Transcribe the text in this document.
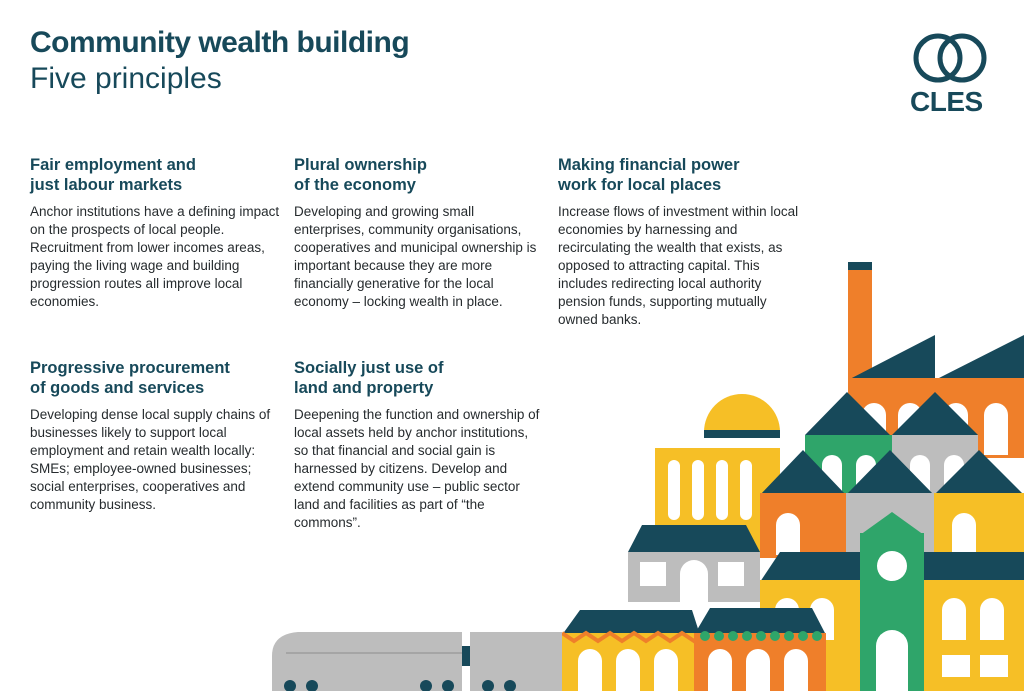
Community wealth building
Five principles
CLES
Fair employment and
just labour markets

Anchor institutions have a defining impact on the prospects of local people. Recruitment from lower incomes areas, paying the living wage and building progression routes all improve local economies.

Plural ownership
of the economy

Developing and growing small enterprises, community organisations, cooperatives and municipal ownership is important because they are more financially generative for the local economy – locking wealth in place.

Making financial power
work for local places

Increase flows of investment within local economies by harnessing and recirculating the wealth that exists, as opposed to attracting capital. This includes redirecting local authority pension funds, supporting mutually owned banks.

Progressive procurement
of goods and services

Developing dense local supply chains of businesses likely to support local employment and retain wealth locally: SMEs; employee-owned businesses; social enterprises, cooperatives and community business.

Socially just use of
land and property

Deepening the function and ownership of local assets held by anchor institutions, so that financial and social gain is harnessed by citizens. Develop and extend community use – public sector land and facilities as part of “the commons”.
